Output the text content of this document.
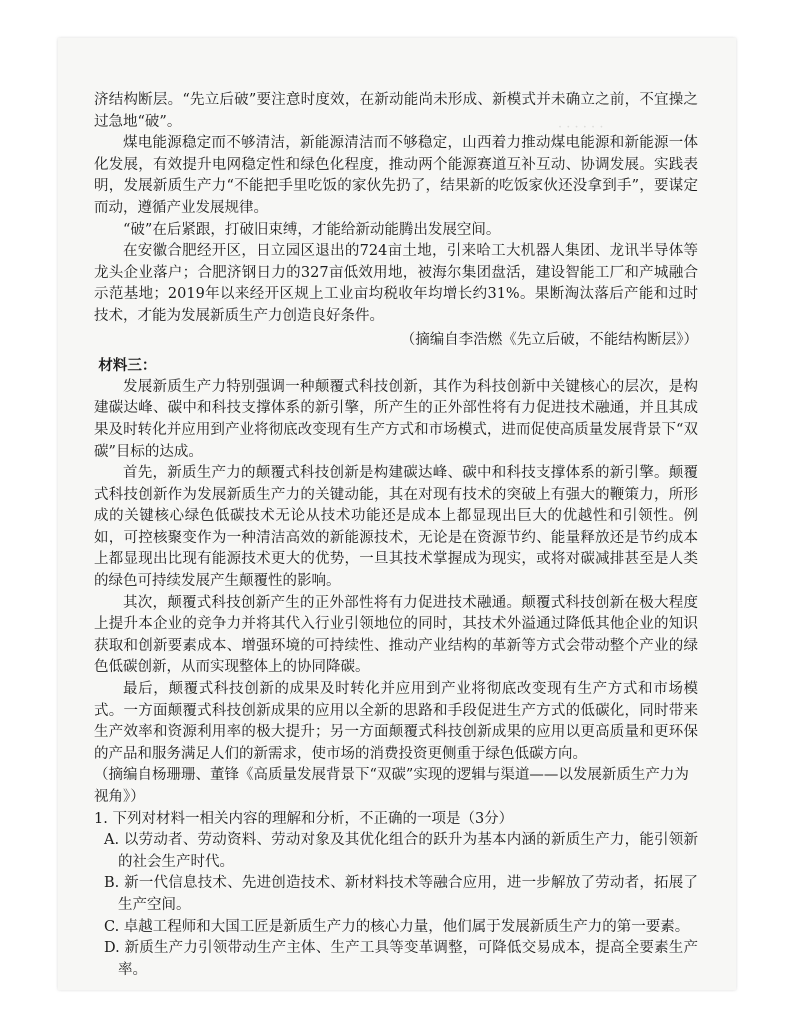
· · · · · ·

济结构断层。“先立后破”要注意时度效，在新动能尚未形成、新模式并未确立之前，不宜操之过急地“破”。

煤电能源稳定而不够清洁，新能源清洁而不够稳定，山西着力推动煤电能源和新能源一体化发展，有效提升电网稳定性和绿色化程度，推动两个能源赛道互补互动、协调发展。实践表明，发展新质生产力“不能把手里吃饭的家伙先扔了，结果新的吃饭家伙还没拿到手”，要谋定而动，遵循产业发展规律。

“破”在后紧跟，打破旧束缚，才能给新动能腾出发展空间。

在安徽合肥经开区，日立园区退出的724亩土地，引来哈工大机器人集团、龙讯半导体等龙头企业落户；合肥济钢日力的327亩低效用地，被海尔集团盘活，建设智能工厂和产城融合示范基地；2019年以来经开区规上工业亩均税收年均增长约31%。果断淘汰落后产能和过时技术，才能为发展新质生产力创造良好条件。

（摘编自李浩燃《先立后破，不能结构断层》）

材料三：

发展新质生产力特别强调一种颠覆式科技创新，其作为科技创新中关键核心的层次，是构建碳达峰、碳中和科技支撑体系的新引擎，所产生的正外部性将有力促进技术融通，并且其成果及时转化并应用到产业将彻底改变现有生产方式和市场模式，进而促使高质量发展背景下“双碳”目标的达成。

首先，新质生产力的颠覆式科技创新是构建碳达峰、碳中和科技支撑体系的新引擎。颠覆式科技创新作为发展新质生产力的关键动能，其在对现有技术的突破上有强大的鞭策力，所形成的关键核心绿色低碳技术无论从技术功能还是成本上都显现出巨大的优越性和引领性。例如，可控核聚变作为一种清洁高效的新能源技术，无论是在资源节约、能量释放还是节约成本上都显现出比现有能源技术更大的优势，一旦其技术掌握成为现实，或将对碳减排甚至是人类的绿色可持续发展产生颠覆性的影响。

其次，颠覆式科技创新产生的正外部性将有力促进技术融通。颠覆式科技创新在极大程度上提升本企业的竞争力并将其代入行业引领地位的同时，其技术外溢通过降低其他企业的知识获取和创新要素成本、增强环境的可持续性、推动产业结构的革新等方式会带动整个产业的绿色低碳创新，从而实现整体上的协同降碳。

最后，颠覆式科技创新的成果及时转化并应用到产业将彻底改变现有生产方式和市场模式。一方面颠覆式科技创新成果的应用以全新的思路和手段促进生产方式的低碳化，同时带来生产效率和资源利用率的极大提升；另一方面颠覆式科技创新成果的应用以更高质量和更环保的产品和服务满足人们的新需求，使市场的消费投资更侧重于绿色低碳方向。

（摘编自杨珊珊、董锋《高质量发展背景下“双碳”实现的逻辑与渠道——以发展新质生产力为视角》）

1. 下列对材料一相关内容的理解和分析，不正确的一项是（3分）

A. 以劳动者、劳动资料、劳动对象及其优化组合的跃升为基本内涵的新质生产力，能引领新的社会生产时代。

B. 新一代信息技术、先进创造技术、新材料技术等融合应用，进一步解放了劳动者，拓展了生产空间。

C. 卓越工程师和大国工匠是新质生产力的核心力量，他们属于发展新质生产力的第一要素。

D. 新质生产力引领带动生产主体、生产工具等变革调整，可降低交易成本，提高全要素生产率。
